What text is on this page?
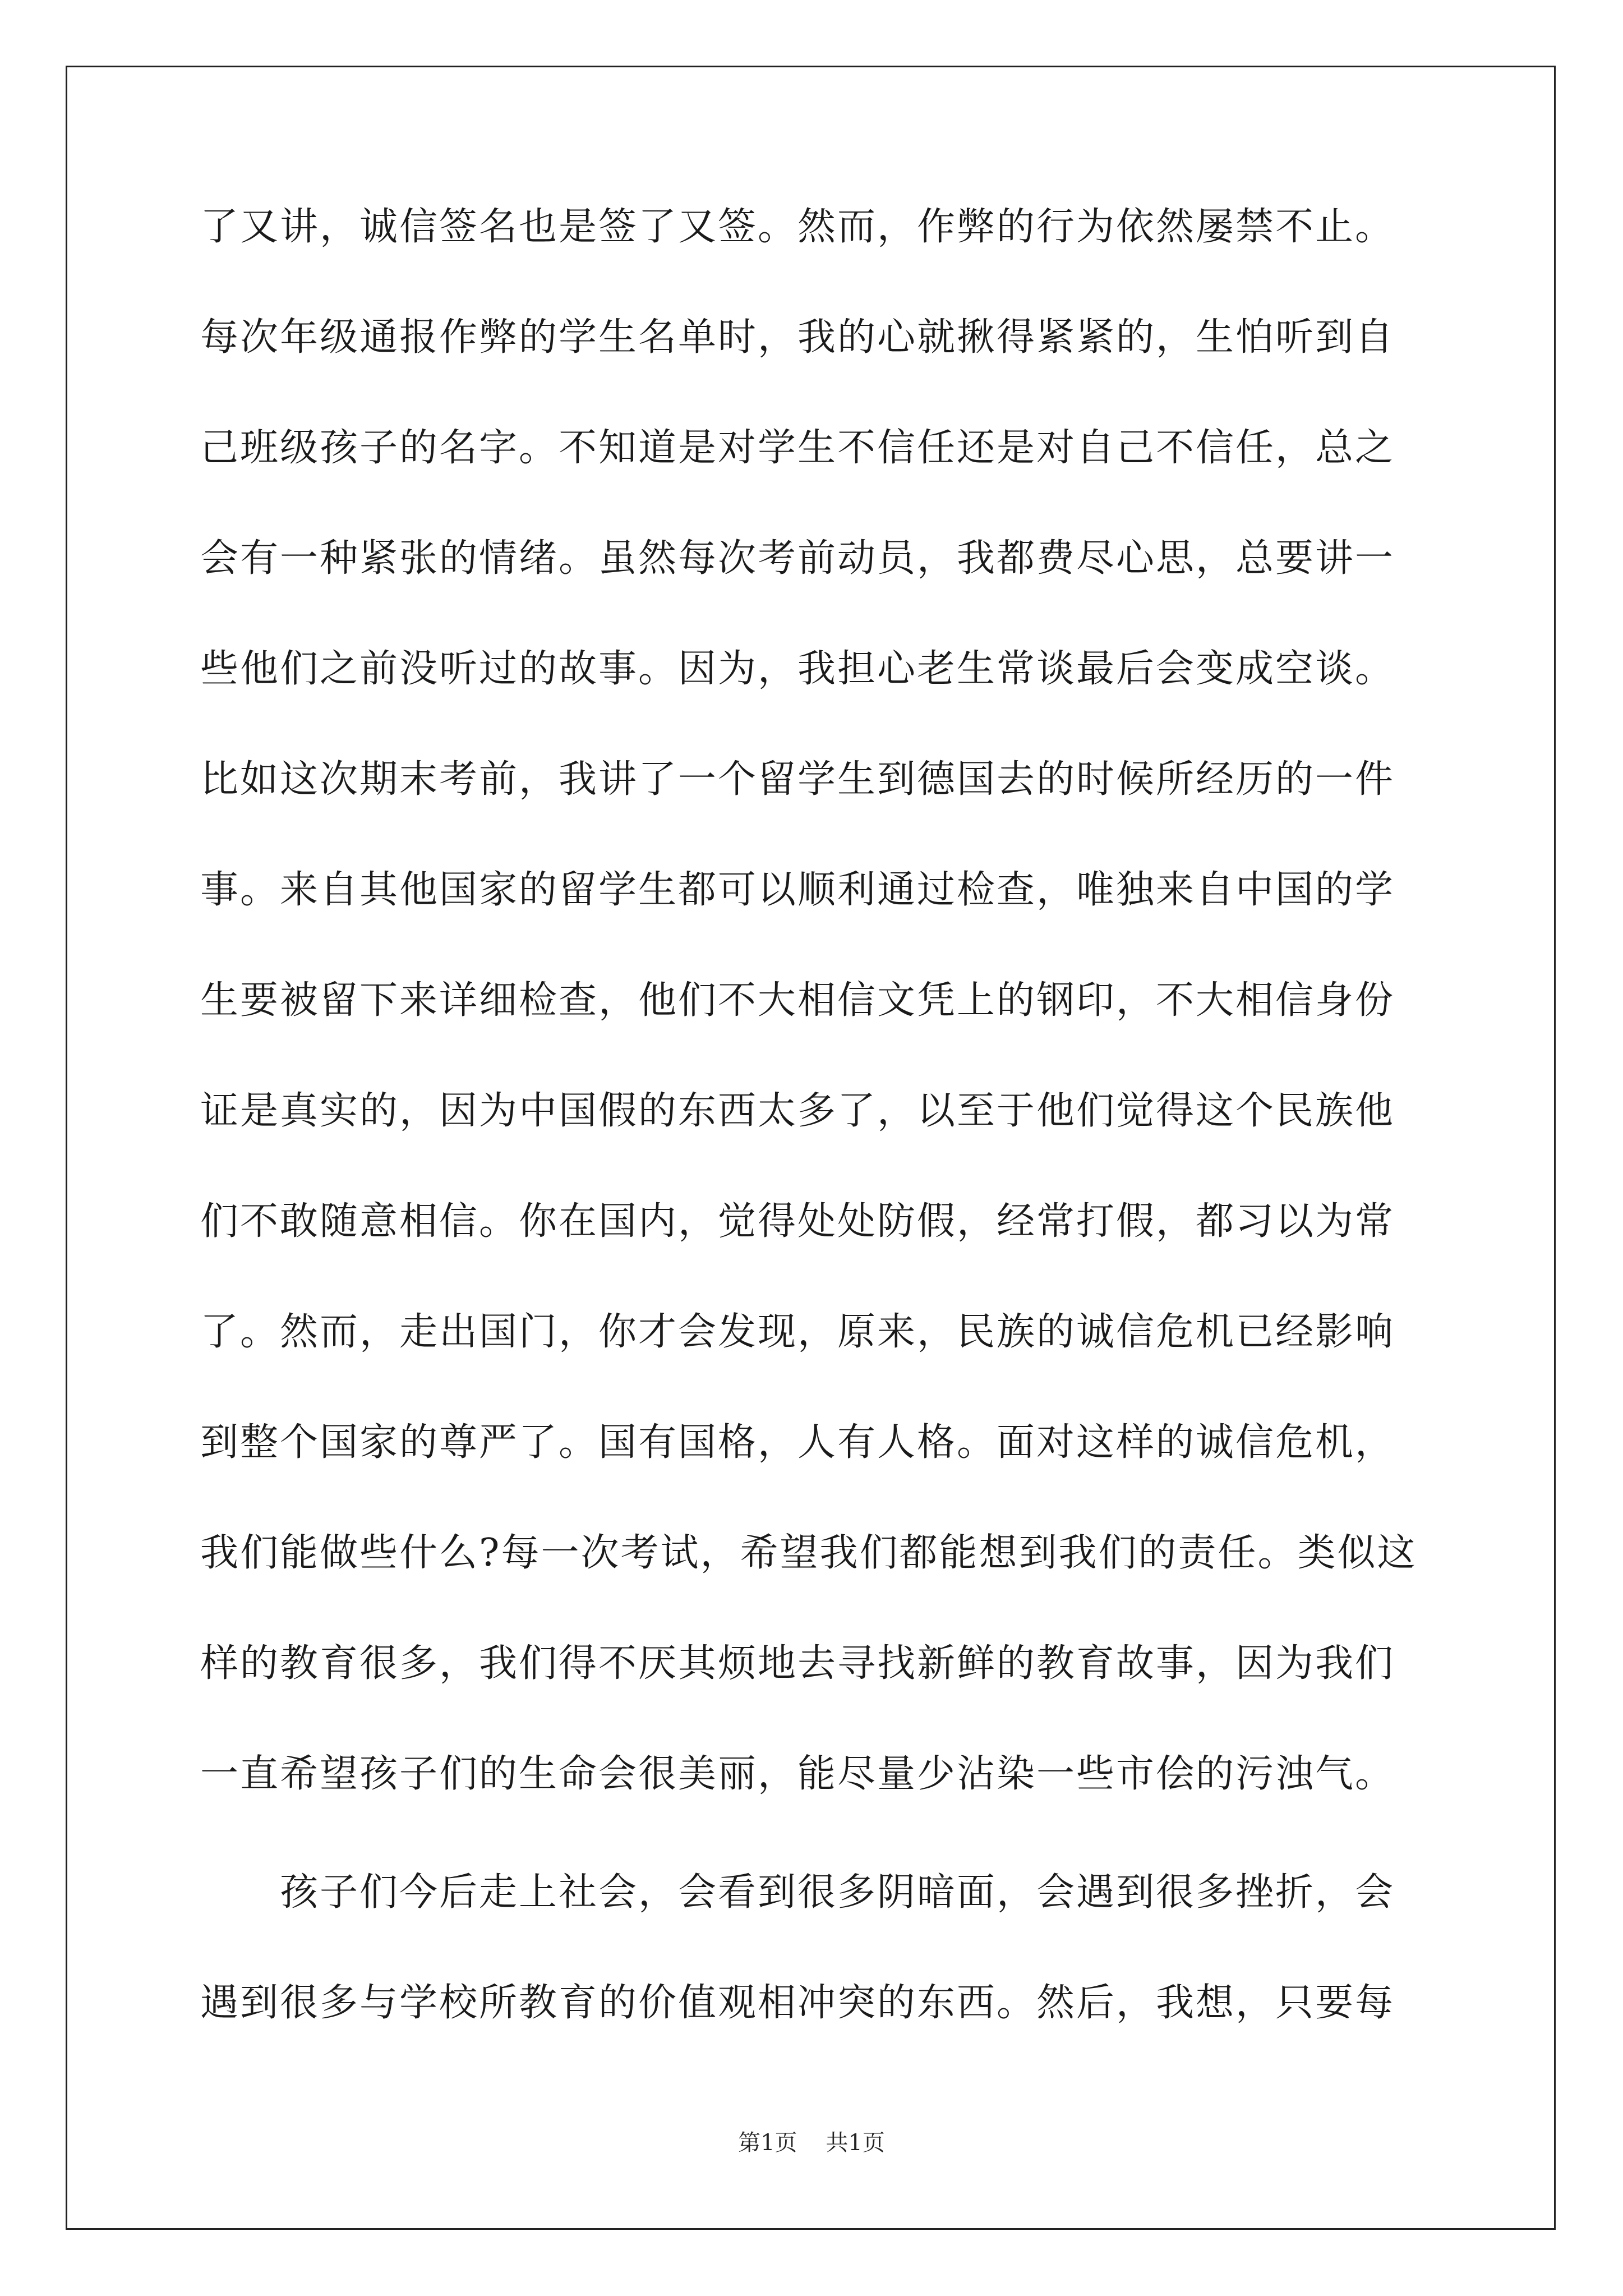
了又讲，诚信签名也是签了又签。然而，作弊的行为依然屡禁不止。
每次年级通报作弊的学生名单时，我的心就揪得紧紧的，生怕听到自
己班级孩子的名字。不知道是对学生不信任还是对自己不信任，总之
会有一种紧张的情绪。虽然每次考前动员，我都费尽心思，总要讲一
些他们之前没听过的故事。因为，我担心老生常谈最后会变成空谈。
比如这次期末考前，我讲了一个留学生到德国去的时候所经历的一件
事。来自其他国家的留学生都可以顺利通过检查，唯独来自中国的学
生要被留下来详细检查，他们不大相信文凭上的钢印，不大相信身份
证是真实的，因为中国假的东西太多了，以至于他们觉得这个民族他
们不敢随意相信。你在国内，觉得处处防假，经常打假，都习以为常
了。然而，走出国门，你才会发现，原来，民族的诚信危机已经影响
到整个国家的尊严了。国有国格，人有人格。面对这样的诚信危机，
我们能做些什么?每一次考试，希望我们都能想到我们的责任。类似这
样的教育很多，我们得不厌其烦地去寻找新鲜的教育故事，因为我们
一直希望孩子们的生命会很美丽，能尽量少沾染一些市侩的污浊气。
　　孩子们今后走上社会，会看到很多阴暗面，会遇到很多挫折，会
遇到很多与学校所教育的价值观相冲突的东西。然后，我想，只要每
第1页    共1页
